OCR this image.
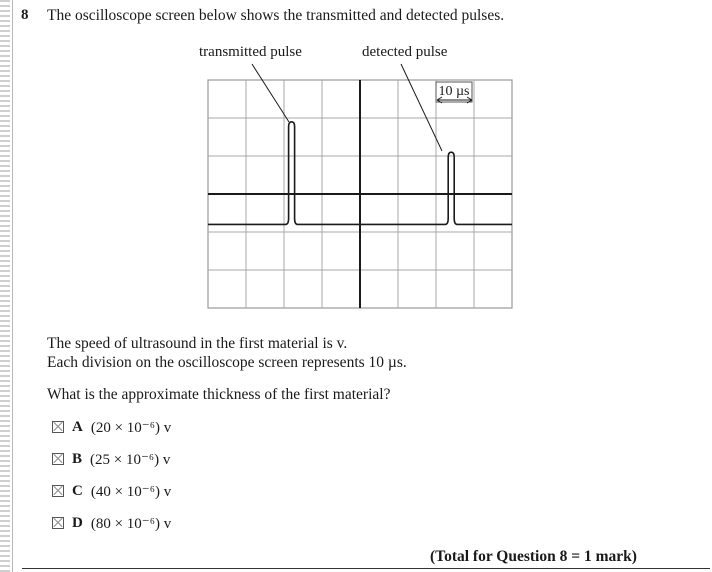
8 The oscilloscope screen below shows the transmitted and detected pulses.
transmitted pulse	detected pulse
10 µs
The speed of ultrasound in the first material is v.
Each division on the oscilloscope screen represents 10 µs.
What is the approximate thickness of the first material?
A (20 × 10⁻⁶) v
B (25 × 10⁻⁶) v
C (40 × 10⁻⁶) v
D (80 × 10⁻⁶) v
(Total for Question 8 = 1 mark)
